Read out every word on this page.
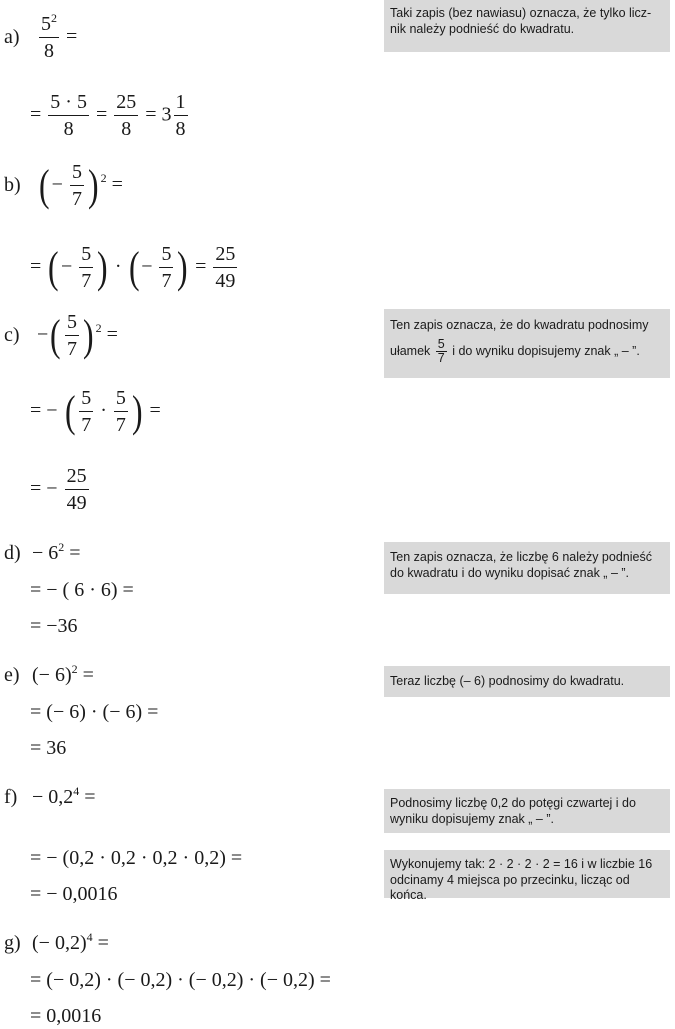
$a) \frac{5^2}{8}$ =
= $\frac{5 \cdot 5}{8} = \frac{25}{8} = 3 \frac{1}{8}$
b) ( − $\frac{5}{7}$ ) $^2$ =
= ( − $\frac{5}{7}$ ) · ( − $\frac{5}{7}$ ) = $\frac{25}{49}$
c) −( $\frac{5}{7}$ ) $^2$ =
= − ( $\frac{5}{7} \cdot \frac{5}{7}$ ) =
= − $\frac{25}{49}$
$d) - 6^2$ =
= − ( 6 · 6) =
= −36
e) (− 6)$^2$ =
= (− 6) · (− 6) =
= 36
$f) - 0,2^4$ =
= − (0,2 · 0,2 · 0,2 · 0,2) =
= − 0,0016
g) (− 0,2)$^4$ =
= (− 0,2) · (− 0,2) · (− 0,2) · (− 0,2) =
= 0,0016
Taki zapis (bez nawiasu) oznacza, że tylko licz-nik należy podnieść do kwadratu.
Ten zapis oznacza, że do kwadratu podnosimy
ułamek $\frac{5}{7}$ i do wyniku dopisujemy znak „ – ”.
Ten zapis oznacza, że liczbę 6 należy podnieść do kwadratu i do wyniku dopisać znak „ – ”.
Teraz liczbę (– 6) podnosimy do kwadratu.
Podnosimy liczbę 0,2 do potęgi czwartej i do wyniku dopisujemy znak „ – ”.
Wykonujemy tak: 2 · 2 · 2 · 2 = 16 i w liczbie 16 odcinamy 4 miejsca po przecinku, licząc od końca.
